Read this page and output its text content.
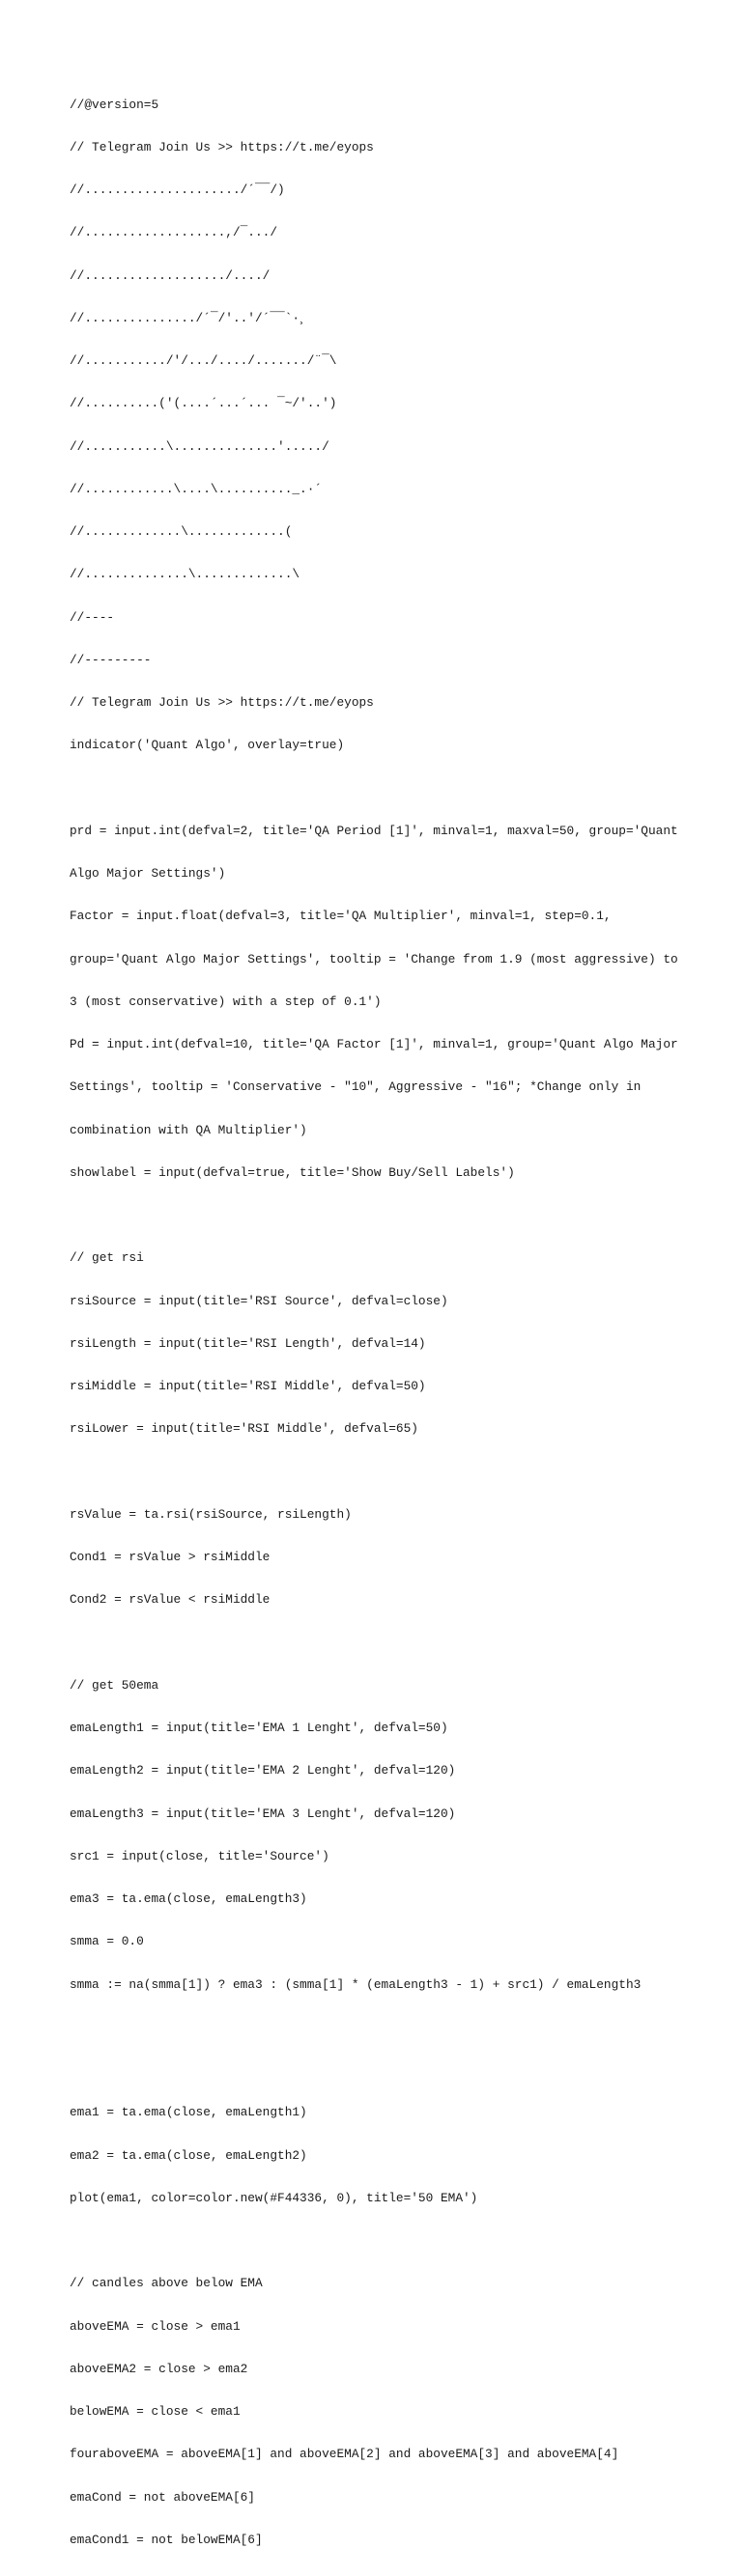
//@version=5

// Telegram Join Us >> https://t.me/eyops

//...................../´¯¯/)

//...................,/¯.../

//.................../..../

//.............../´¯/'..'/´¯¯`·¸

//.........../'/.../..../......./¨¯\

//..........('(....´...´... ¯~/'..')

//...........\..............'...../

//............\....\.........._.·´

//.............\.............(

//..............\.............\

//----

//---------

// Telegram Join Us >> https://t.me/eyops

indicator('Quant Algo', overlay=true)

prd = input.int(defval=2, title='QA Period [1]', minval=1, maxval=50, group='Quant

Algo Major Settings')

Factor = input.float(defval=3, title='QA Multiplier', minval=1, step=0.1,

group='Quant Algo Major Settings', tooltip = 'Change from 1.9 (most aggressive) to

3 (most conservative) with a step of 0.1')

Pd = input.int(defval=10, title='QA Factor [1]', minval=1, group='Quant Algo Major

Settings', tooltip = 'Conservative - "10", Aggressive - "16"; *Change only in

combination with QA Multiplier')

showlabel = input(defval=true, title='Show Buy/Sell Labels')

// get rsi

rsiSource = input(title='RSI Source', defval=close)

rsiLength = input(title='RSI Length', defval=14)

rsiMiddle = input(title='RSI Middle', defval=50)

rsiLower = input(title='RSI Middle', defval=65)

rsValue = ta.rsi(rsiSource, rsiLength)

Cond1 = rsValue > rsiMiddle

Cond2 = rsValue < rsiMiddle

// get 50ema

emaLength1 = input(title='EMA 1 Lenght', defval=50)

emaLength2 = input(title='EMA 2 Lenght', defval=120)

emaLength3 = input(title='EMA 3 Lenght', defval=120)

src1 = input(close, title='Source')

ema3 = ta.ema(close, emaLength3)

smma = 0.0

smma := na(smma[1]) ? ema3 : (smma[1] * (emaLength3 - 1) + src1) / emaLength3

ema1 = ta.ema(close, emaLength1)

ema2 = ta.ema(close, emaLength2)

plot(ema1, color=color.new(#F44336, 0), title='50 EMA')

// candles above below EMA

aboveEMA = close > ema1

aboveEMA2 = close > ema2

belowEMA = close < ema1

fouraboveEMA = aboveEMA[1] and aboveEMA[2] and aboveEMA[3] and aboveEMA[4]

emaCond = not aboveEMA[6]

emaCond1 = not belowEMA[6]
